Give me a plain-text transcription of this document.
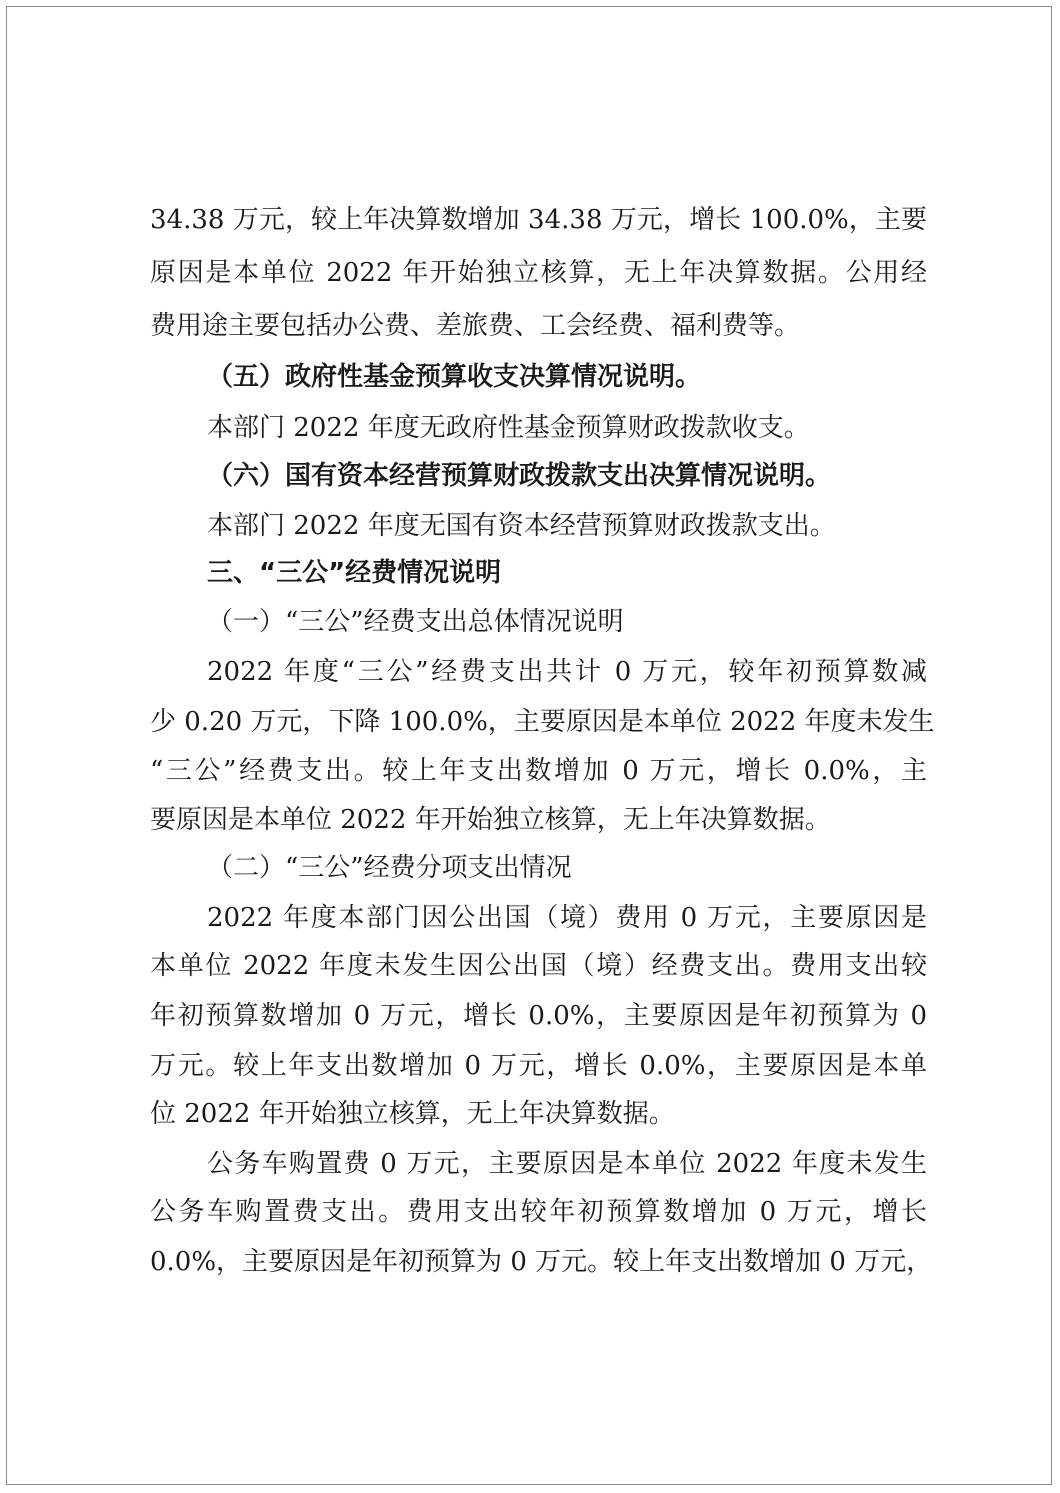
34.38 万元，较上年决算数增加 34.38 万元，增长 100.0%，主要
原因是本单位 2022 年开始独立核算，无上年决算数据。公用经
费用途主要包括办公费、差旅费、工会经费、福利费等。
（五）政府性基金预算收支决算情况说明。
本部门 2022 年度无政府性基金预算财政拨款收支。
（六）国有资本经营预算财政拨款支出决算情况说明。
本部门 2022 年度无国有资本经营预算财政拨款支出。
三、“三公”经费情况说明
（一）“三公”经费支出总体情况说明
2022 年度“三公”经费支出共计 0 万元，较年初预算数减
少 0.20 万元，下降 100.0%，主要原因是本单位 2022 年度未发生
“三公”经费支出。较上年支出数增加 0 万元，增长 0.0%，主
要原因是本单位 2022 年开始独立核算，无上年决算数据。
（二）“三公”经费分项支出情况
2022 年度本部门因公出国（境）费用 0 万元，主要原因是
本单位 2022 年度未发生因公出国（境）经费支出。费用支出较
年初预算数增加 0 万元，增长 0.0%，主要原因是年初预算为 0
万元。较上年支出数增加 0 万元，增长 0.0%，主要原因是本单
位 2022 年开始独立核算，无上年决算数据。
公务车购置费 0 万元，主要原因是本单位 2022 年度未发生
公务车购置费支出。费用支出较年初预算数增加 0 万元，增长
0.0%，主要原因是年初预算为 0 万元。较上年支出数增加 0 万元，
